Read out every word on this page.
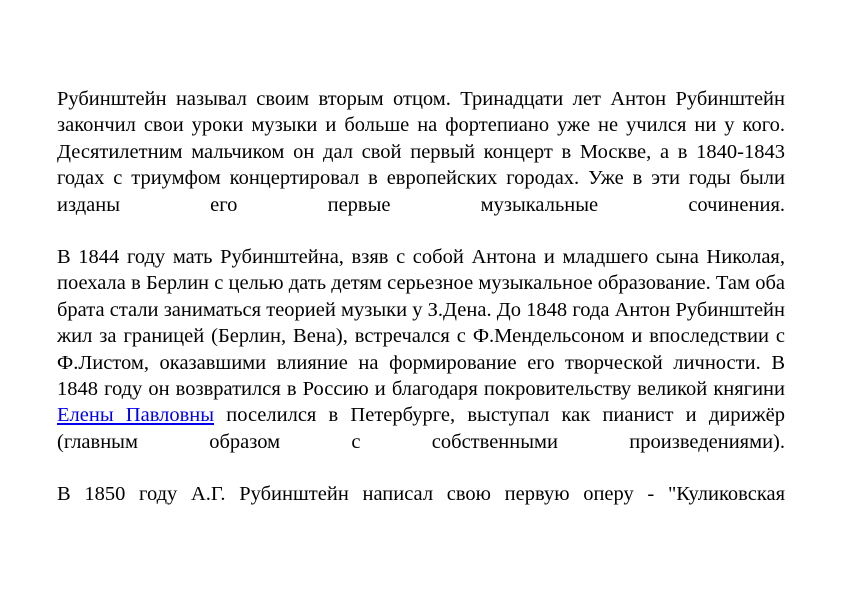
Рубинштейн называл своим вторым отцом. Тринадцати лет Антон Рубинштейн закончил свои уроки музыки и больше на фортепиано уже не учился ни у кого. Десятилетним мальчиком он дал свой первый концерт в Москве, а в 1840-1843 годах с триумфом концертировал в европейских городах. Уже в эти годы были изданы его первые музыкальные сочинения.

В 1844 году мать Рубинштейна, взяв с собой Антона и младшего сына Николая, поехала в Берлин с целью дать детям серьезное музыкальное образование. Там оба брата стали заниматься теорией музыки у З.Дена. До 1848 года Антон Рубинштейн жил за границей (Берлин, Вена), встречался с Ф.Мендельсоном и впоследствии с Ф.Листом, оказавшими влияние на формирование его творческой личности. В 1848 году он возвратился в Россию и благодаря покровительству великой княгини Елены Павловны поселился в Петербурге, выступал как пианист и дирижёр (главным образом с собственными произведениями).

В 1850 году А.Г. Рубинштейн написал свою первую оперу - "Куликовская
